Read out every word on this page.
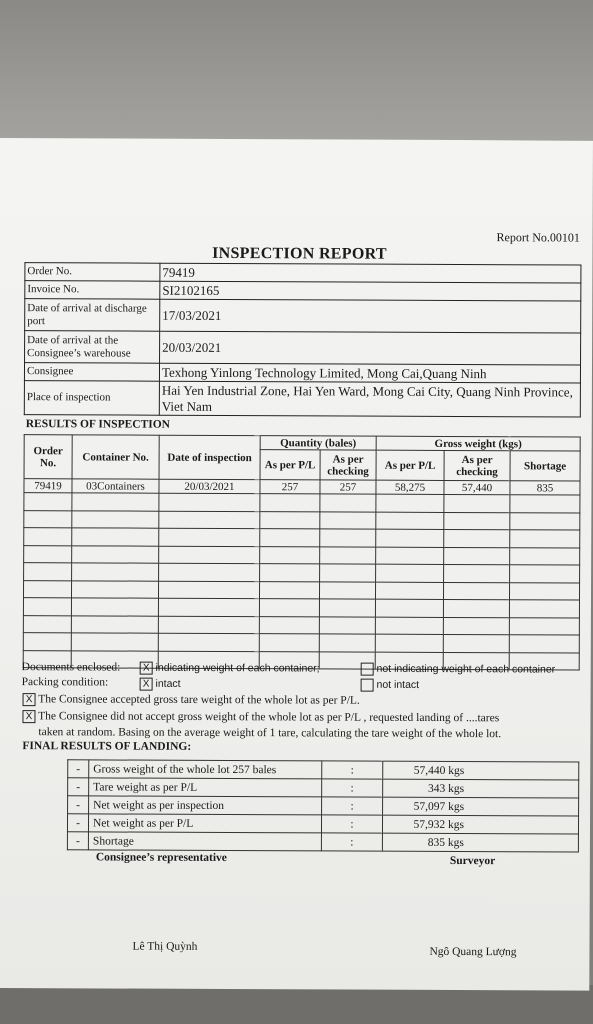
Report No.00101
INSPECTION REPORT
Order No.	79419
Invoice No.	SI2102165
Date of arrival at discharge port	17/03/2021
Date of arrival at the Consignee’s warehouse	20/03/2021
Consignee	Texhong Yinlong Technology Limited, Mong Cai,Quang Ninh
Place of inspection	Hai Yen Industrial Zone, Hai Yen Ward, Mong Cai City, Quang Ninh Province, Viet Nam
RESULTS OF INSPECTION
Order No.	Container No.	Date of inspection	Quantity (bales)		Gross weight (kgs)		
			As per P/L	As per checking	As per P/L	As per checking	Shortage
79419	03Containers	20/03/2021	257	257	58,275	57,440	835

Documents enclosed:	X indicating weight of each container;	not indicating weight of each container
Packing condition:	X intact	not intact
X The Consignee accepted gross tare weight of the whole lot as per P/L.
X The Consignee did not accept gross weight of the whole lot as per P/L , requested landing of ....tares
taken at random. Basing on the average weight of 1 tare, calculating the tare weight of the whole lot.
FINAL RESULTS OF LANDING:
-	Gross weight of the whole lot 257 bales	:	57,440 kgs
-	Tare weight as per P/L	:	343 kgs
-	Net weight as per inspection	:	57,097 kgs
-	Net weight as per P/L	:	57,932 kgs
-	Shortage	:	835 kgs
Consignee’s representative	Surveyor
Lê Thị Quỳnh	Ngô Quang Lượng
